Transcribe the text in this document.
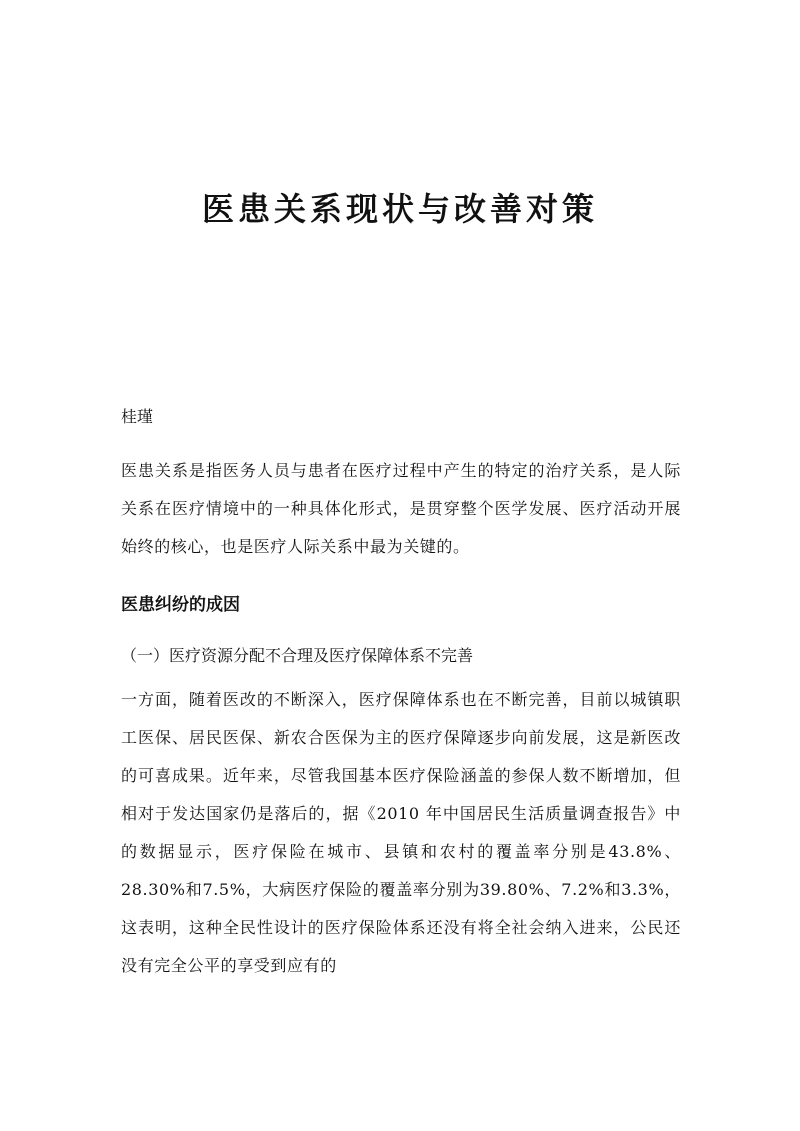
医患关系现状与改善对策
桂瑾

医患关系是指医务人员与患者在医疗过程中产生的特定的治疗关系，是人际关系在医疗情境中的一种具体化形式，是贯穿整个医学发展、医疗活动开展始终的核心，也是医疗人际关系中最为关键的。

医患纠纷的成因
（一）医疗资源分配不合理及医疗保障体系不完善

一方面，随着医改的不断深入，医疗保障体系也在不断完善，目前以城镇职工医保、居民医保、新农合医保为主的医疗保障逐步向前发展，这是新医改的可喜成果。近年来，尽管我国基本医疗保险涵盖的参保人数不断增加，但相对于发达国家仍是落后的，据《2010 年中国居民生活质量调查报告》中的数据显示，医疗保险在城市、县镇和农村的覆盖率分别是43.8%、28.30%和7.5%，大病医疗保险的覆盖率分别为39.80%、7.2%和3.3%，这表明，这种全民性设计的医疗保险体系还没有将全社会纳入进来，公民还没有完全公平的享受到应有的
